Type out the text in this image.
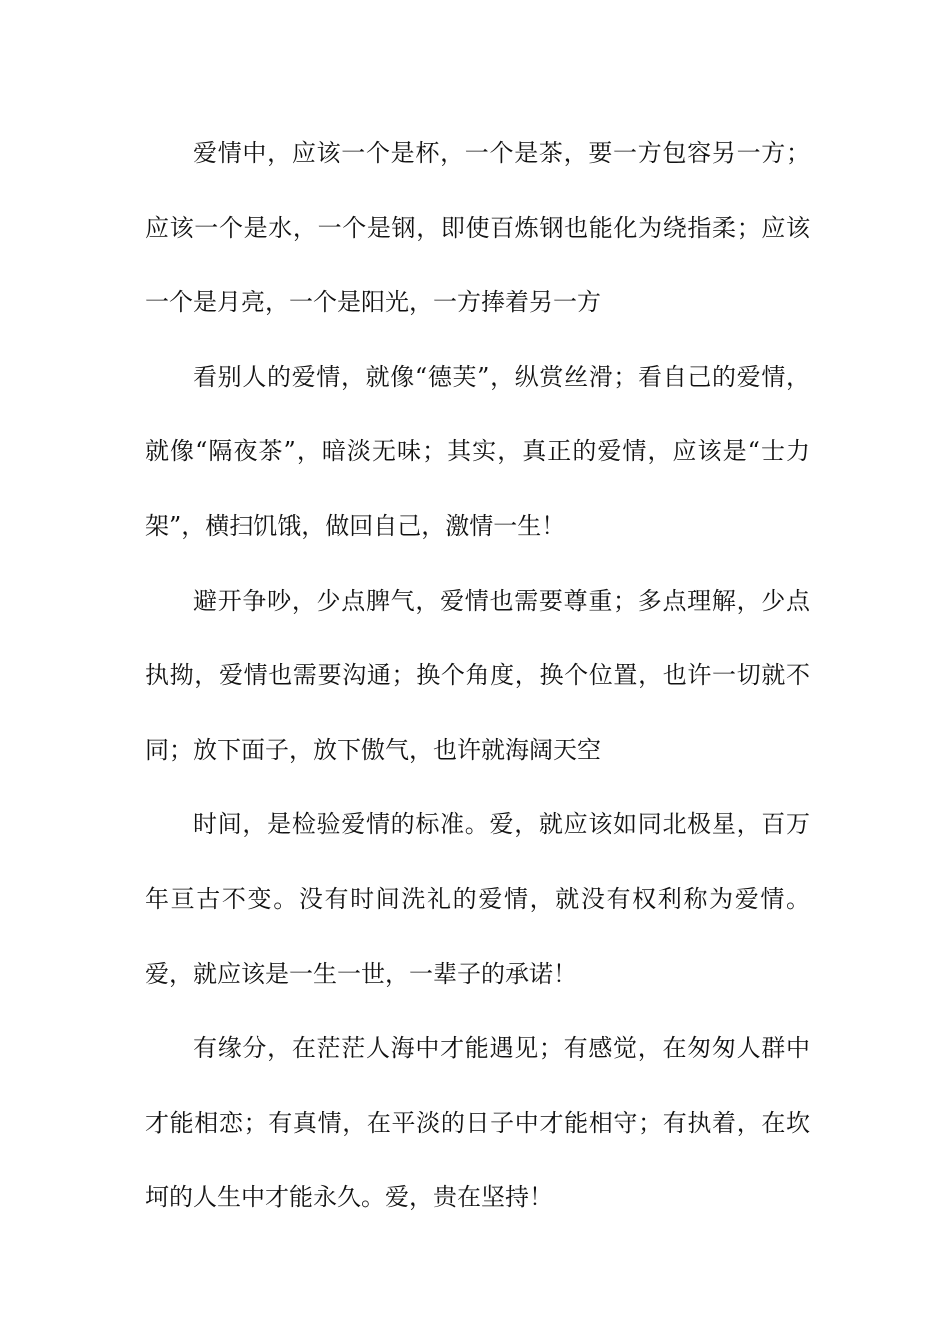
爱情中，应该一个是杯，一个是茶，要一方包容另一方；应该一个是水，一个是钢，即使百炼钢也能化为绕指柔；应该一个是月亮，一个是阳光，一方捧着另一方

看别人的爱情，就像“德芙”，纵赏丝滑；看自己的爱情，就像“隔夜茶”，暗淡无味；其实，真正的爱情，应该是“士力架”，横扫饥饿，做回自己，激情一生！

避开争吵，少点脾气，爱情也需要尊重；多点理解，少点执拗，爱情也需要沟通；换个角度，换个位置，也许一切就不同；放下面子，放下傲气，也许就海阔天空

时间，是检验爱情的标准。爱，就应该如同北极星，百万年亘古不变。没有时间洗礼的爱情，就没有权利称为爱情。爱，就应该是一生一世，一辈子的承诺！

有缘分，在茫茫人海中才能遇见；有感觉，在匆匆人群中才能相恋；有真情，在平淡的日子中才能相守；有执着，在坎坷的人生中才能永久。爱，贵在坚持！
